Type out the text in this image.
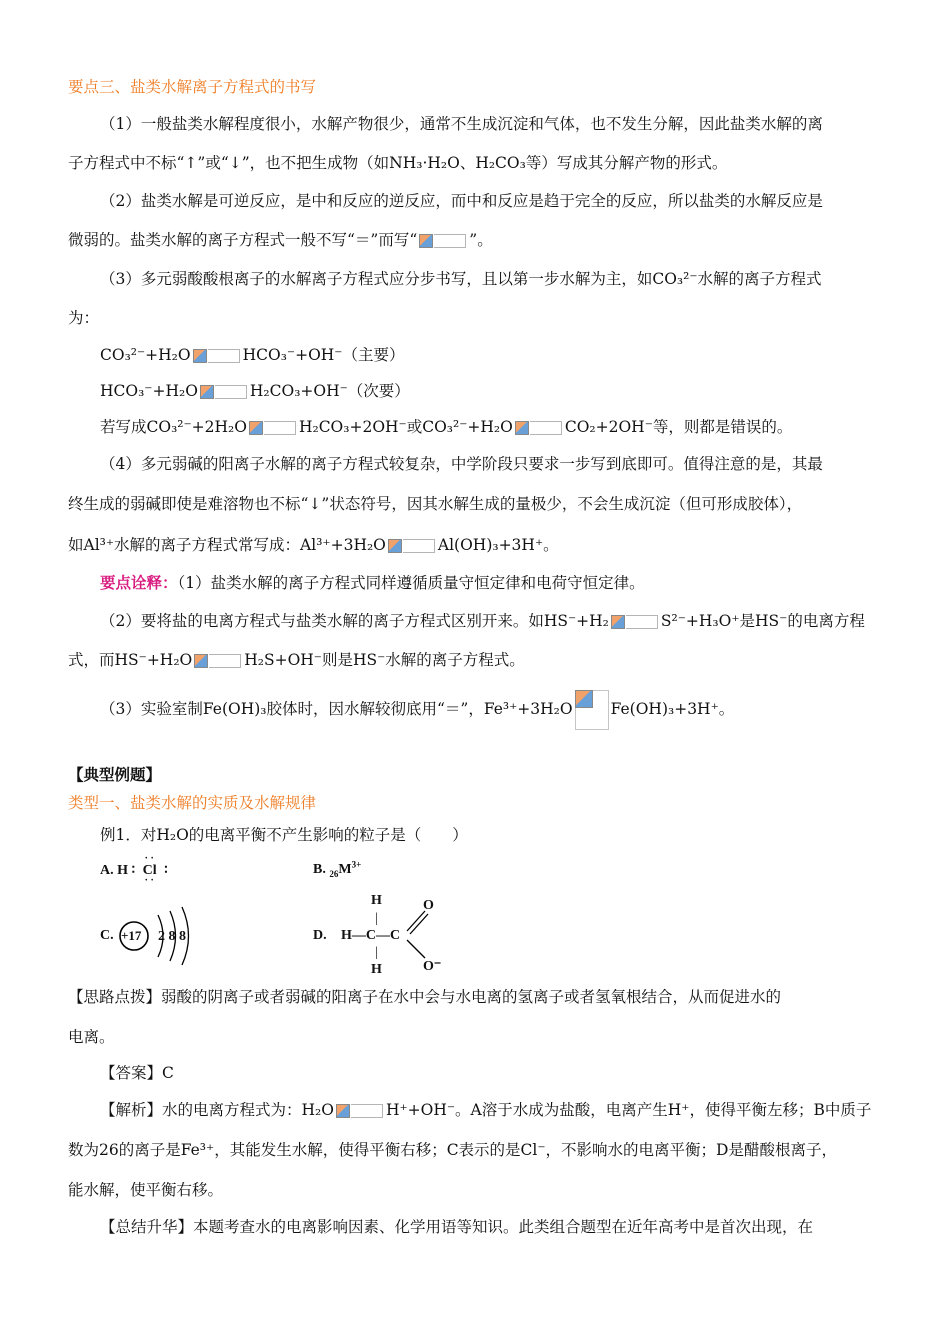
要点三、盐类水解离子方程式的书写
（1）一般盐类水解程度很小，水解产物很少，通常不生成沉淀和气体，也不发生分解，因此盐类水解的离
子方程式中不标“↑”或“↓”，也不把生成物（如NH₃·H₂O、H₂CO₃等）写成其分解产物的形式。
（2）盐类水解是可逆反应，是中和反应的逆反应，而中和反应是趋于完全的反应，所以盐类的水解反应是
微弱的。盐类水解的离子方程式一般不写“＝”而写“	”。
（3）多元弱酸酸根离子的水解离子方程式应分步书写，且以第一步水解为主，如CO₃²⁻水解的离子方程式
为：
CO₃²⁻+H₂O	HCO₃⁻+OH⁻（主要）
HCO₃⁻+H₂O	H₂CO₃+OH⁻（次要）
若写成CO₃²⁻+2H₂O	H₂CO₃+2OH⁻或CO₃²⁻+H₂O	CO₂+2OH⁻等，则都是错误的。
（4）多元弱碱的阳离子水解的离子方程式较复杂，中学阶段只要求一步写到底即可。值得注意的是，其最
终生成的弱碱即使是难溶物也不标“↓”状态符号，因其水解生成的量极少，不会生成沉淀（但可形成胶体），
如Al³⁺水解的离子方程式常写成：Al³⁺+3H₂O	Al(OH)₃+3H⁺。
要点诠释：（1）盐类水解的离子方程式同样遵循质量守恒定律和电荷守恒定律。
（2）要将盐的电离方程式与盐类水解的离子方程式区别开来。如HS⁻+H₂	S²⁻+H₃O⁺是HS⁻的电离方程
式，而HS⁻+H₂O	H₂S+OH⁻则是HS⁻水解的离子方程式。
（3）实验室制Fe(OH)₃胶体时，因水解较彻底用“＝”，Fe³⁺+3H₂O Fe(OH)₃+3H⁺。
【典型例题】
类型一、盐类水解的实质及水解规律
例1．对H₂O的电离平衡不产生影响的粒子是（　　）
A. H ∶
· ·
Cl
· ·
∶	B. $_{26}M^{3+}$
C. +17 2 8 8	D.
H
|
H—C—C
|
H
O
O⁻
【思路点拨】弱酸的阴离子或者弱碱的阳离子在水中会与水电离的氢离子或者氢氧根结合，从而促进水的
电离。
【答案】C
【解析】水的电离方程式为：H₂O	H⁺+OH⁻。A溶于水成为盐酸，电离产生H⁺，使得平衡左移；B中质子
数为26的离子是Fe³⁺，其能发生水解，使得平衡右移；C表示的是Cl⁻，不影响水的电离平衡；D是醋酸根离子，
能水解，使平衡右移。
【总结升华】本题考查水的电离影响因素、化学用语等知识。此类组合题型在近年高考中是首次出现，在
